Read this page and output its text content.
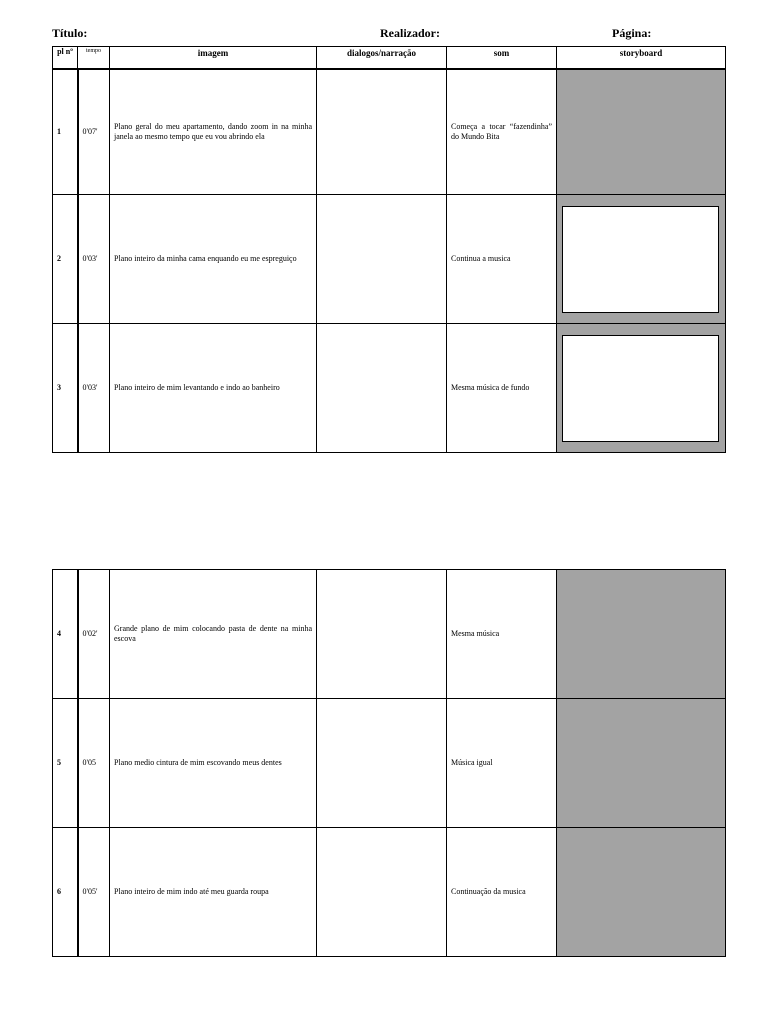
Título:	Realizador:	Página:
pl nº	tempo	imagem	dialogos/narração	som	storyboard
1	0'07'	Plano geral do meu apartamento, dando zoom in na minha janela ao mesmo tempo que eu vou abrindo ela		Começa a tocar “fazendinha” do Mundo Bita	
2	0'03'	Plano inteiro da minha cama enquando eu me espreguiço		Continua a musica	

3	0'03'	Plano inteiro de mim levantando e indo ao banheiro		Mesma música de fundo	
4	0'02'	Grande plano de mim colocando pasta de dente na minha escova		Mesma música	
5	0'05	Plano medio cintura de mim escovando meus dentes		Música igual	
6	0'05'	Plano inteiro de mim indo até meu guarda roupa		Continuação da musica	
